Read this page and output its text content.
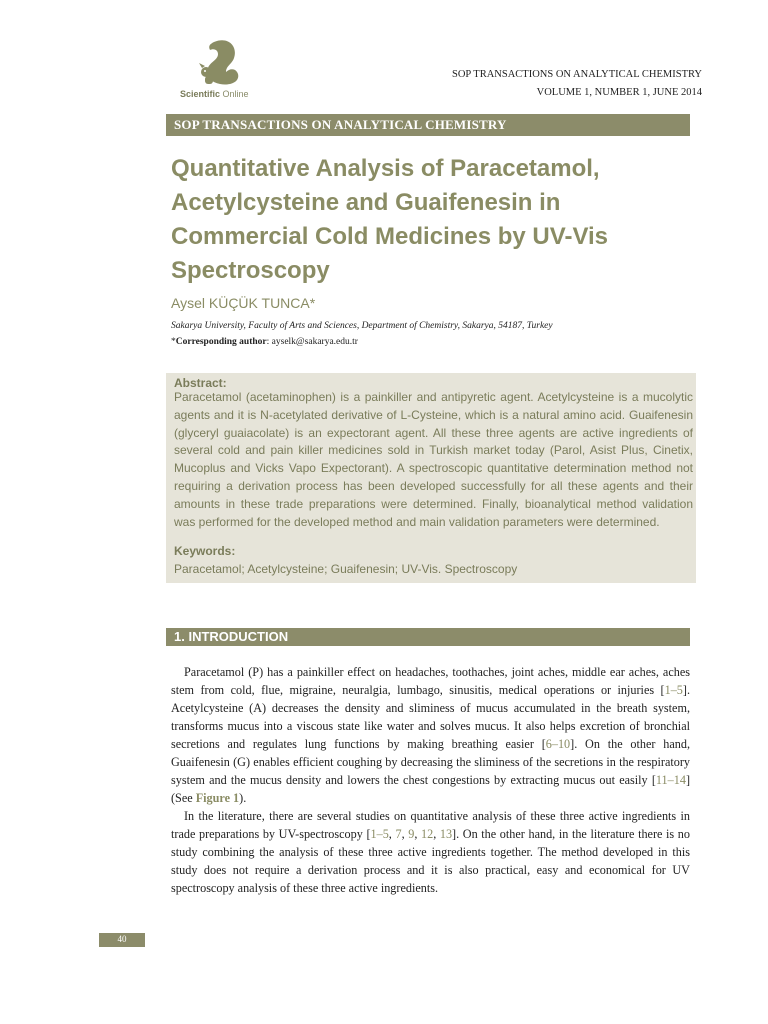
Scientific Online
SOP TRANSACTIONS ON ANALYTICAL CHEMISTRY
VOLUME 1, NUMBER 1, JUNE 2014
SOP TRANSACTIONS ON ANALYTICAL CHEMISTRY
Quantitative Analysis of Paracetamol, Acetylcysteine and Guaifenesin in Commercial Cold Medicines by UV-Vis Spectroscopy
Aysel KÜÇÜK TUNCA*
Sakarya University, Faculty of Arts and Sciences, Department of Chemistry, Sakarya, 54187, Turkey
*Corresponding author: ayselk@sakarya.edu.tr
Abstract:
Paracetamol (acetaminophen) is a painkiller and antipyretic agent. Acetylcysteine is a mucolytic agents and it is N-acetylated derivative of L-Cysteine, which is a natural amino acid. Guaifenesin (glyceryl guaiacolate) is an expectorant agent. All these three agents are active ingredients of several cold and pain killer medicines sold in Turkish market today (Parol, Asist Plus, Cinetix, Mucoplus and Vicks Vapo Expectorant). A spectroscopic quantitative determination method not requiring a derivation process has been developed successfully for all these agents and their amounts in these trade preparations were determined. Finally, bioanalytical method validation was performed for the developed method and main validation parameters were determined.
Keywords:
Paracetamol; Acetylcysteine; Guaifenesin; UV-Vis. Spectroscopy
1. INTRODUCTION

Paracetamol (P) has a painkiller effect on headaches, toothaches, joint aches, middle ear aches, aches stem from cold, flue, migraine, neuralgia, lumbago, sinusitis, medical operations or injuries [1–5]. Acetylcysteine (A) decreases the density and sliminess of mucus accumulated in the breath system, transforms mucus into a viscous state like water and solves mucus. It also helps excretion of bronchial secretions and regulates lung functions by making breathing easier [6–10]. On the other hand, Guaifenesin (G) enables efficient coughing by decreasing the sliminess of the secretions in the respiratory system and the mucus density and lowers the chest congestions by extracting mucus out easily [11–14] (See Figure 1).

In the literature, there are several studies on quantitative analysis of these three active ingredients in trade preparations by UV-spectroscopy [1–5, 7, 9, 12, 13]. On the other hand, in the literature there is no study combining the analysis of these three active ingredients together. The method developed in this study does not require a derivation process and it is also practical, easy and economical for UV spectroscopy analysis of these three active ingredients.

40
